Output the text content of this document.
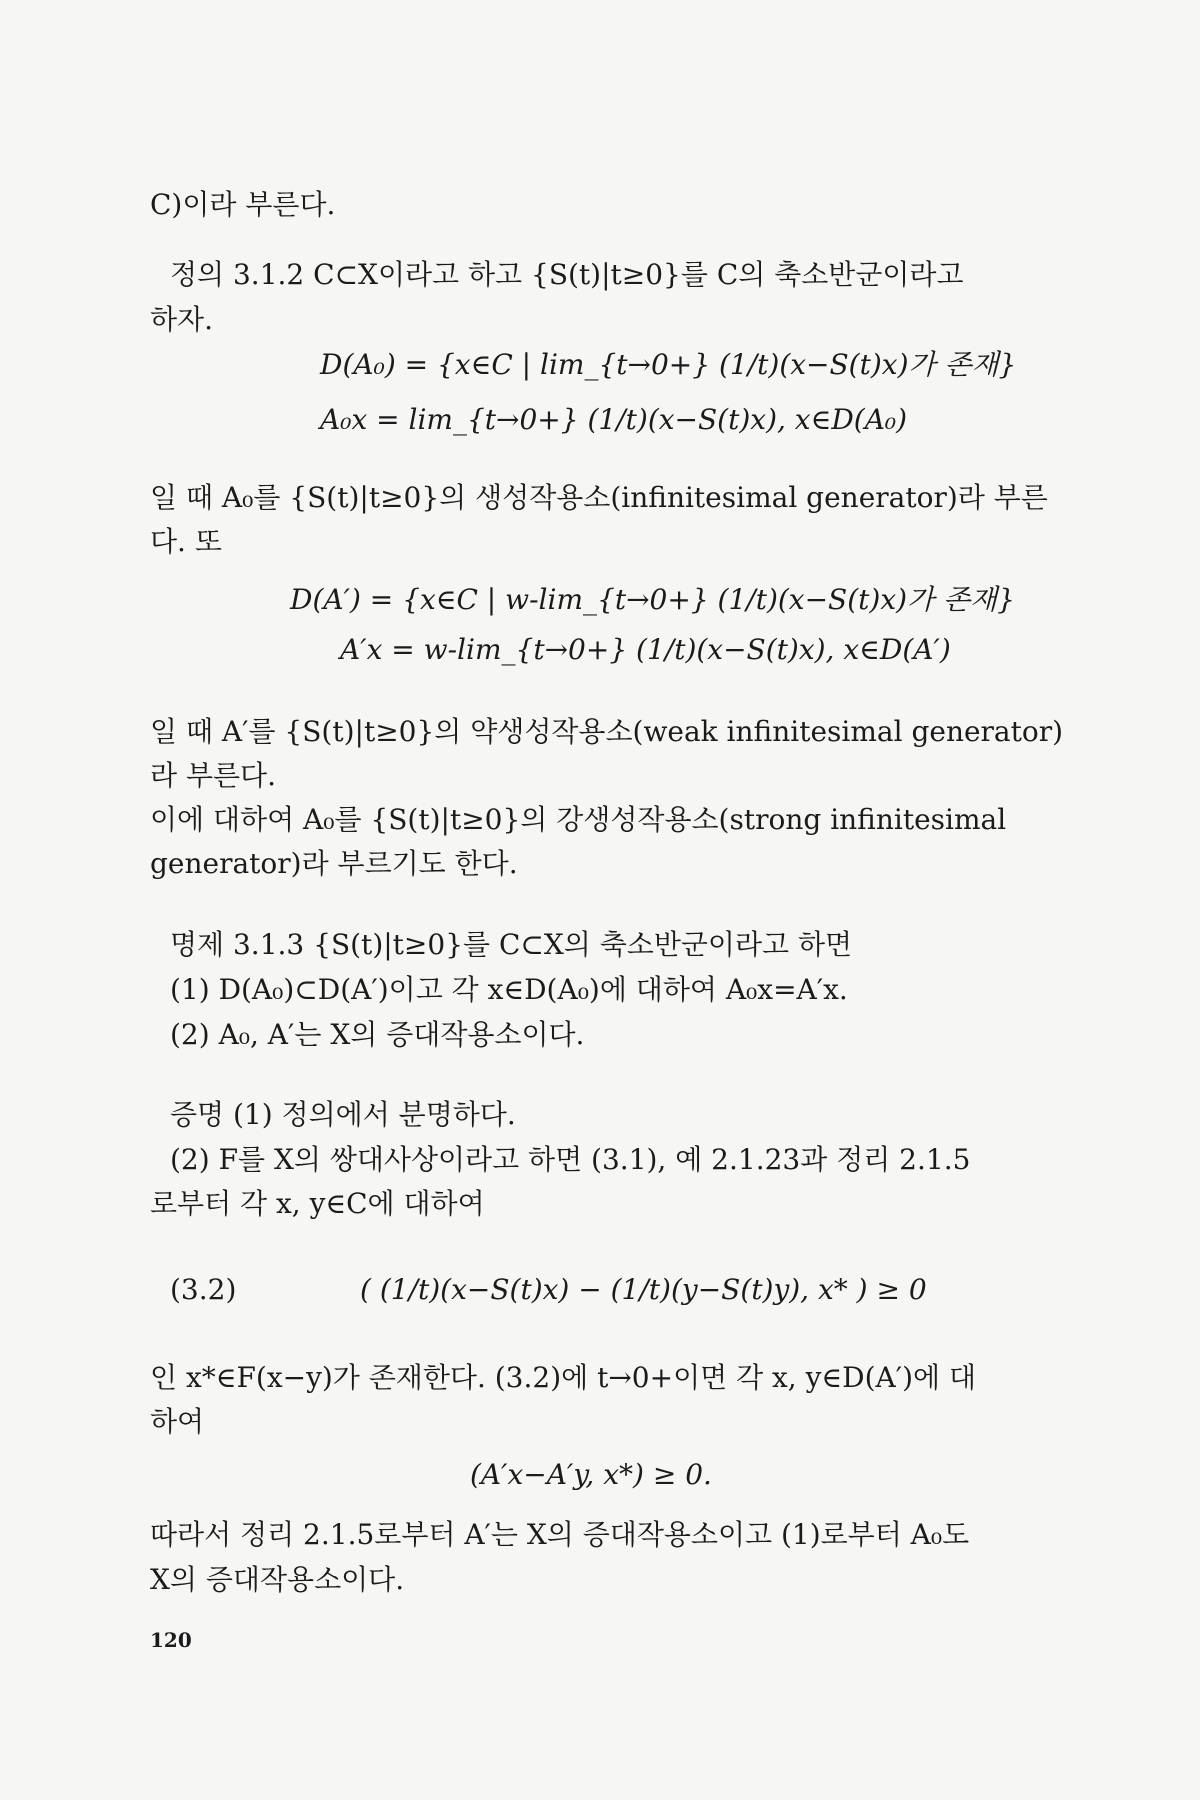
C)이라 부른다.
정의 3.1.2 C⊂X이라고 하고 {S(t)|t≥0}를 C의 축소반군이라고
하자.
D(A₀) = {x∈C | lim_{t→0+} (1/t)(x−S(t)x)가 존재}
A₀x = lim_{t→0+} (1/t)(x−S(t)x), x∈D(A₀)
일 때 A₀를 {S(t)|t≥0}의 생성작용소(infinitesimal generator)라 부른
다. 또
D(A′) = {x∈C | w-lim_{t→0+} (1/t)(x−S(t)x)가 존재}
A′x = w-lim_{t→0+} (1/t)(x−S(t)x), x∈D(A′)
일 때 A′를 {S(t)|t≥0}의 약생성작용소(weak infinitesimal generator)
라 부른다.
이에 대하여 A₀를 {S(t)|t≥0}의 강생성작용소(strong infinitesimal
generator)라 부르기도 한다.
명제 3.1.3 {S(t)|t≥0}를 C⊂X의 축소반군이라고 하면
(1) D(A₀)⊂D(A′)이고 각 x∈D(A₀)에 대하여 A₀x=A′x.
(2) A₀, A′는 X의 증대작용소이다.
증명 (1) 정의에서 분명하다.
(2) F를 X의 쌍대사상이라고 하면 (3.1), 예 2.1.23과 정리 2.1.5
로부터 각 x, y∈C에 대하여
(3.2)	( (1/t)(x−S(t)x) − (1/t)(y−S(t)y), x* ) ≥ 0
인 x*∈F(x−y)가 존재한다. (3.2)에 t→0+이면 각 x, y∈D(A′)에 대
하여
(A′x−A′y, x*) ≥ 0.
따라서 정리 2.1.5로부터 A′는 X의 증대작용소이고 (1)로부터 A₀도
X의 증대작용소이다.
120
